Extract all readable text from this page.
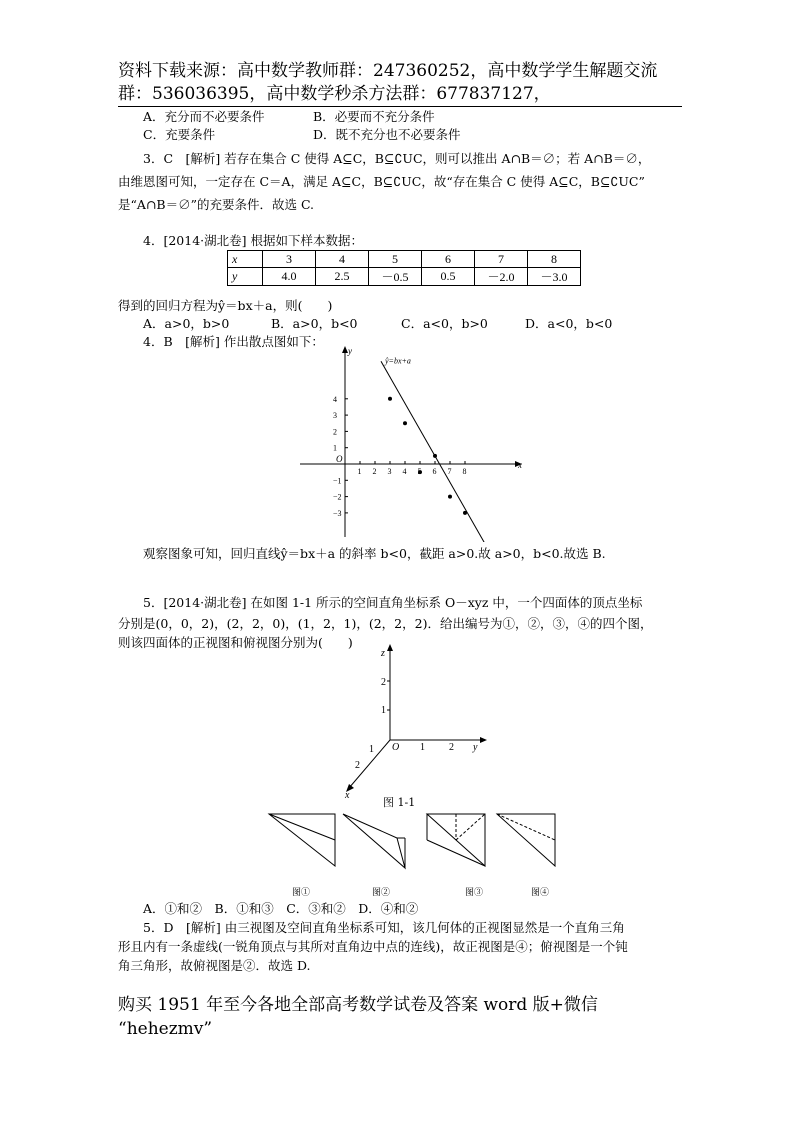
资料下载来源：高中数学教师群：247360252，高中数学学生解题交流
群：536036395，高中数学秒杀方法群：677837127，
A．充分而不必要条件	B．必要而不充分条件
C．充要条件	D．既不充分也不必要条件
3．C　[解析] 若存在集合 C 使得 A⊆C，B⊆∁UC，则可以推出 A∩B＝∅；若 A∩B＝∅，
由维恩图可知，一定存在 C＝A，满足 A⊆C，B⊆∁UC，故“存在集合 C 使得 A⊆C，B⊆∁UC”
是“A∩B＝∅”的充要条件．故选 C.
4．[2014·湖北卷] 根据如下样本数据：
x	3	4	5	6	7	8
y	4.0	2.5	－0.5	0.5	－2.0	－3.0
得到的回归方程为ŷ＝bx＋a，则(　　)
A．a>0，b>0	B．a>0，b<0	C．a<0，b>0	D．a<0，b<0
4．B　[解析] 作出散点图如下：
x
y
O
1 2 3 4	6 7 8
4
3
2
1
−1
−2
−3
ŷ=bx+a
观察图象可知，回归直线ŷ＝bx＋a 的斜率 b<0，截距 a>0.故 a>0，b<0.故选 B.
5．[2014·湖北卷] 在如图 1-1 所示的空间直角坐标系 O－xyz 中，一个四面体的顶点坐标
分别是(0，0，2)，(2，2，0)，(1，2，1)，(2，2，2)．给出编号为①，②，③，④的四个图，
则该四面体的正视图和俯视图分别为(　　)
z
2
1
O 1 2 y
1
2
x
图 1-1
图①	图②	图③	图④
A．①和②　B．①和③　C．③和②　D．④和②
5．D　[解析] 由三视图及空间直角坐标系可知，该几何体的正视图显然是一个直角三角
形且内有一条虚线(一锐角顶点与其所对直角边中点的连线)，故正视图是④；俯视图是一个钝
角三角形，故俯视图是②．故选 D.
购买 1951 年至今各地全部高考数学试卷及答案 word 版+微信
“hehezmv”
